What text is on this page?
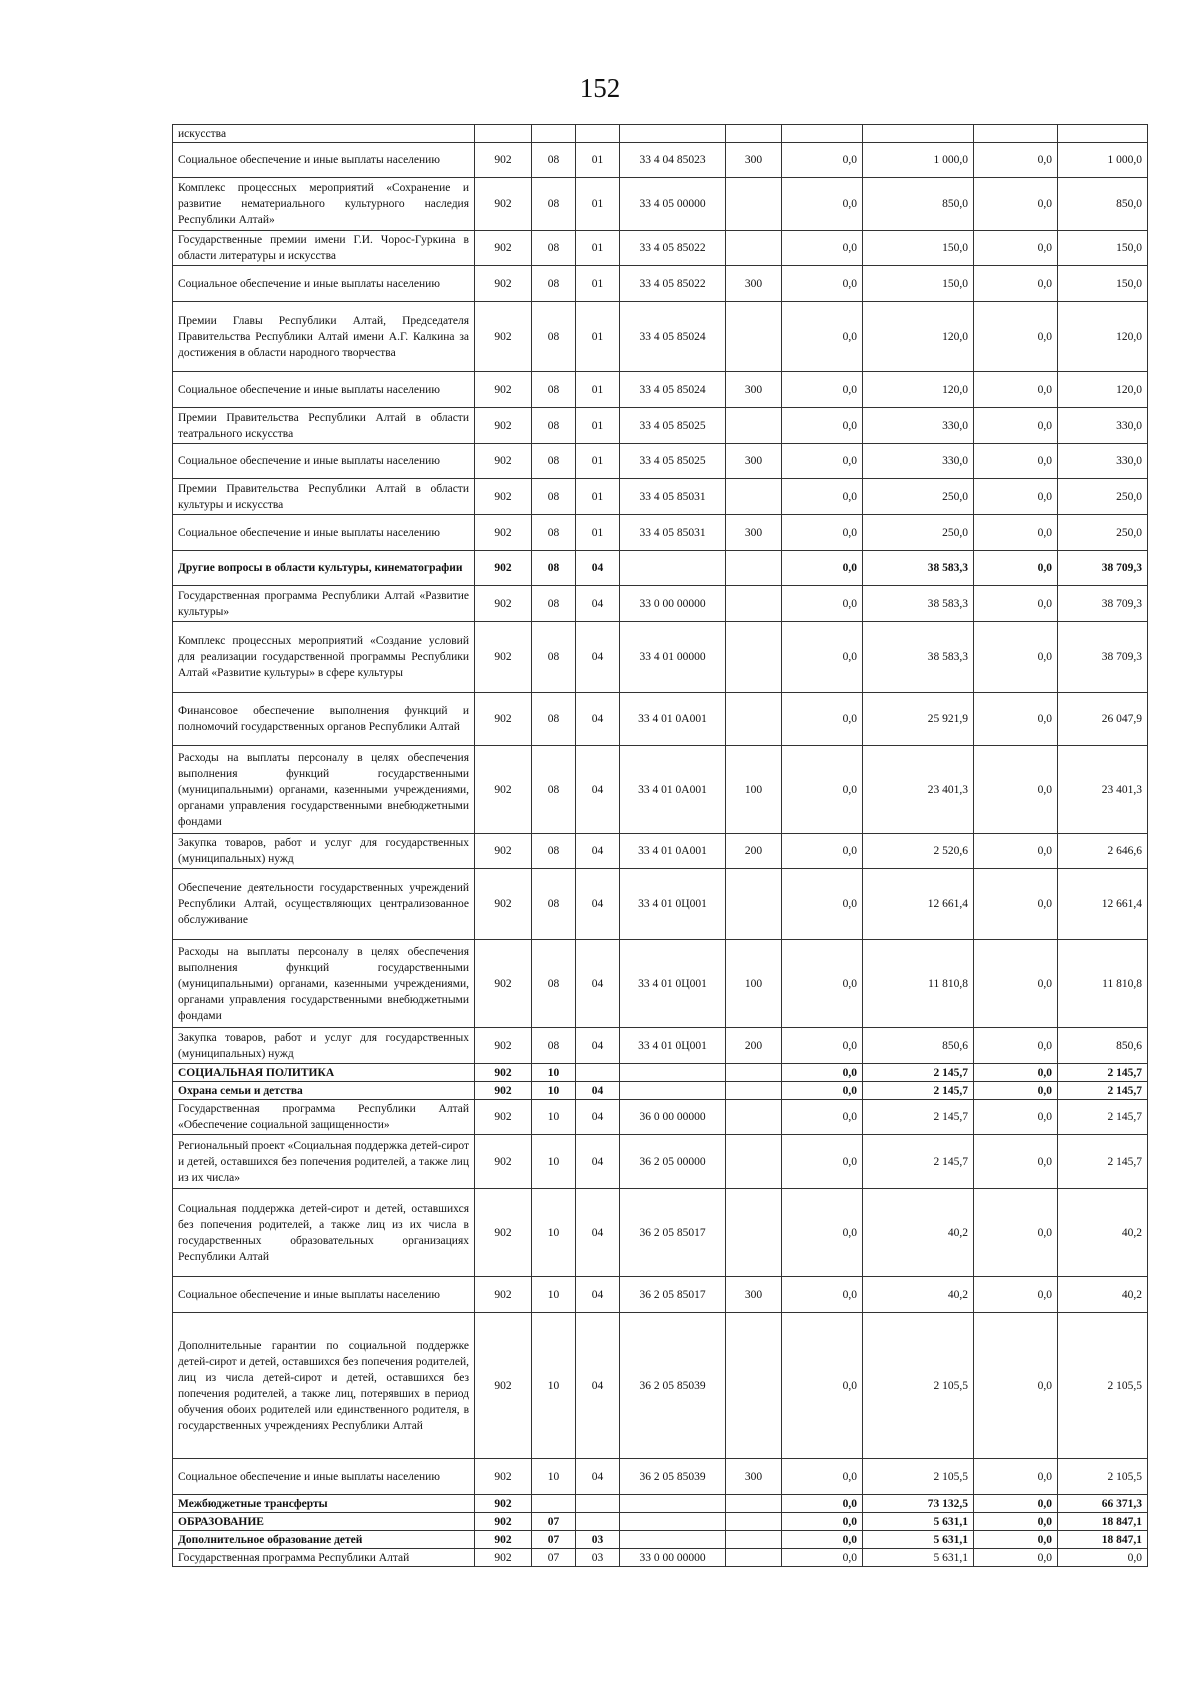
152
искусства									
Социальное обеспечение и иные выплаты населению	902	08	01	33 4 04 85023	300	0,0	1 000,0	0,0	1 000,0
Комплекс процессных мероприятий «Сохранение и развитие нематериального культурного наследия Республики Алтай»	902	08	01	33 4 05 00000		0,0	850,0	0,0	850,0
Государственные премии имени Г.И. Чорос-Гуркина в области литературы и искусства	902	08	01	33 4 05 85022		0,0	150,0	0,0	150,0
Социальное обеспечение и иные выплаты населению	902	08	01	33 4 05 85022	300	0,0	150,0	0,0	150,0
Премии Главы Республики Алтай, Председателя Правительства Республики Алтай имени А.Г. Калкина за достижения в области народного творчества	902	08	01	33 4 05 85024		0,0	120,0	0,0	120,0
Социальное обеспечение и иные выплаты населению	902	08	01	33 4 05 85024	300	0,0	120,0	0,0	120,0
Премии Правительства Республики Алтай в области театрального искусства	902	08	01	33 4 05 85025		0,0	330,0	0,0	330,0
Социальное обеспечение и иные выплаты населению	902	08	01	33 4 05 85025	300	0,0	330,0	0,0	330,0
Премии Правительства Республики Алтай в области культуры и искусства	902	08	01	33 4 05 85031		0,0	250,0	0,0	250,0
Социальное обеспечение и иные выплаты населению	902	08	01	33 4 05 85031	300	0,0	250,0	0,0	250,0
Другие вопросы в области культуры, кинематографии	902	08	04			0,0	38 583,3	0,0	38 709,3
Государственная программа Республики Алтай «Развитие культуры»	902	08	04	33 0 00 00000		0,0	38 583,3	0,0	38 709,3
Комплекс процессных мероприятий «Создание условий для реализации государственной программы Республики Алтай «Развитие культуры» в сфере культуры	902	08	04	33 4 01 00000		0,0	38 583,3	0,0	38 709,3
Финансовое обеспечение выполнения функций и полномочий государственных органов Республики Алтай	902	08	04	33 4 01 0А001		0,0	25 921,9	0,0	26 047,9
Расходы на выплаты персоналу в целях обеспечения выполнения функций государственными (муниципальными) органами, казенными учреждениями, органами управления государственными внебюджетными фондами	902	08	04	33 4 01 0А001	100	0,0	23 401,3	0,0	23 401,3
Закупка товаров, работ и услуг для государственных (муниципальных) нужд	902	08	04	33 4 01 0А001	200	0,0	2 520,6	0,0	2 646,6
Обеспечение деятельности государственных учреждений Республики Алтай, осуществляющих централизованное обслуживание	902	08	04	33 4 01 0Ц001		0,0	12 661,4	0,0	12 661,4
Расходы на выплаты персоналу в целях обеспечения выполнения функций государственными (муниципальными) органами, казенными учреждениями, органами управления государственными внебюджетными фондами	902	08	04	33 4 01 0Ц001	100	0,0	11 810,8	0,0	11 810,8
Закупка товаров, работ и услуг для государственных (муниципальных) нужд	902	08	04	33 4 01 0Ц001	200	0,0	850,6	0,0	850,6
СОЦИАЛЬНАЯ ПОЛИТИКА	902	10				0,0	2 145,7	0,0	2 145,7
Охрана семьи и детства	902	10	04			0,0	2 145,7	0,0	2 145,7
Государственная программа Республики Алтай «Обеспечение социальной защищенности»	902	10	04	36 0 00 00000		0,0	2 145,7	0,0	2 145,7
Региональный проект «Социальная поддержка детей-сирот и детей, оставшихся без попечения родителей, а также лиц из их числа»	902	10	04	36 2 05 00000		0,0	2 145,7	0,0	2 145,7
Социальная поддержка детей-сирот и детей, оставшихся без попечения родителей, а также лиц из их числа в государственных образовательных организациях Республики Алтай	902	10	04	36 2 05 85017		0,0	40,2	0,0	40,2
Социальное обеспечение и иные выплаты населению	902	10	04	36 2 05 85017	300	0,0	40,2	0,0	40,2
Дополнительные гарантии по социальной поддержке детей-сирот и детей, оставшихся без попечения родителей, лиц из числа детей-сирот и детей, оставшихся без попечения родителей, а также лиц, потерявших в период обучения обоих родителей или единственного родителя, в государственных учреждениях Республики Алтай	902	10	04	36 2 05 85039		0,0	2 105,5	0,0	2 105,5
Социальное обеспечение и иные выплаты населению	902	10	04	36 2 05 85039	300	0,0	2 105,5	0,0	2 105,5
Межбюджетные трансферты	902					0,0	73 132,5	0,0	66 371,3
ОБРАЗОВАНИЕ	902	07				0,0	5 631,1	0,0	18 847,1
Дополнительное образование детей	902	07	03			0,0	5 631,1	0,0	18 847,1
Государственная программа Республики Алтай	902	07	03	33 0 00 00000		0,0	5 631,1	0,0	0,0
